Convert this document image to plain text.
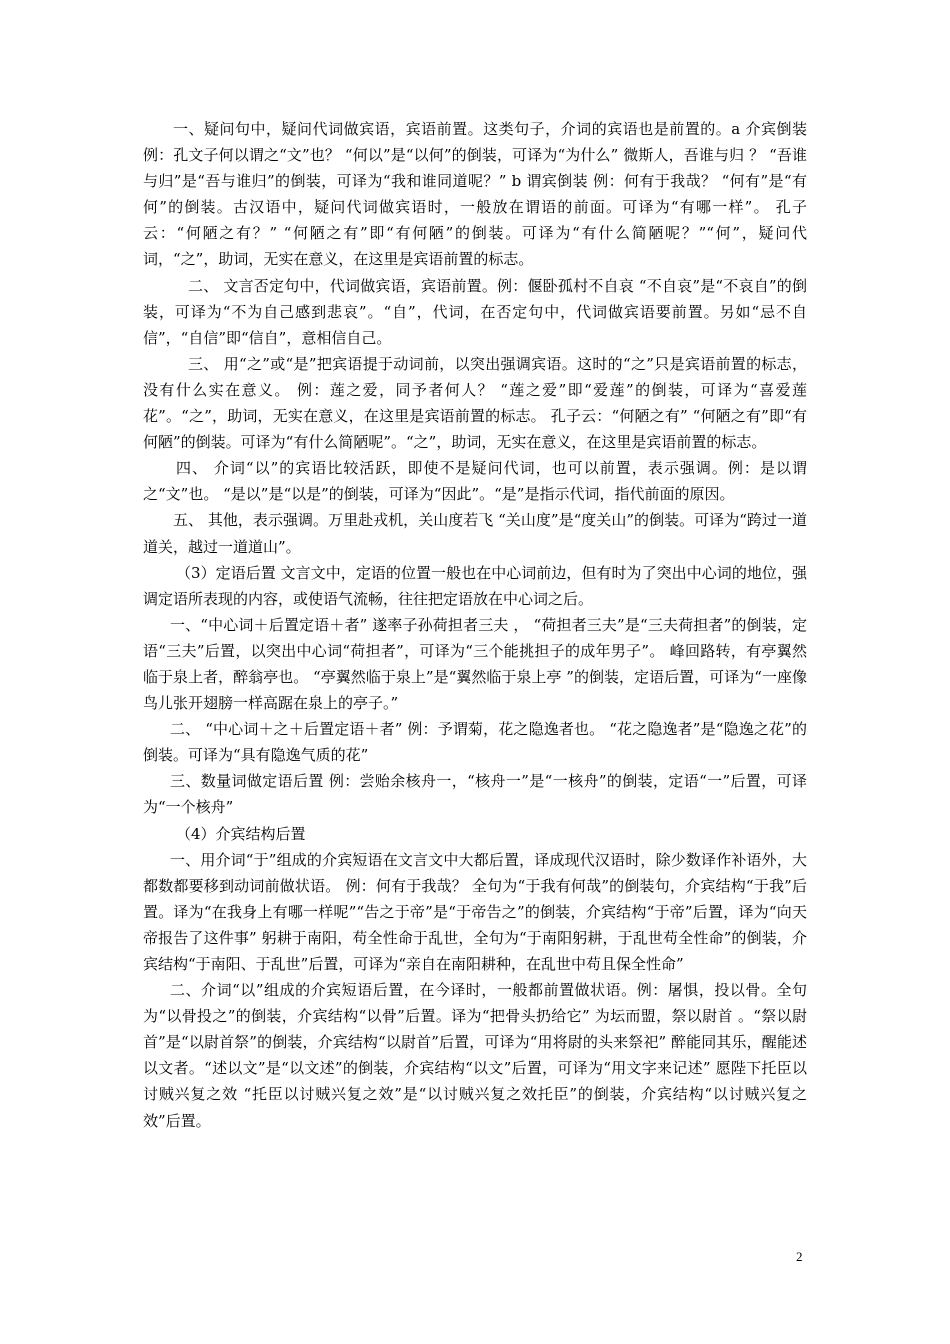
一、疑问句中，疑问代词做宾语，宾语前置。这类句子，介词的宾语也是前置的。a 介宾倒装 例：孔文子何以谓之“文”也？ “何以”是“以何”的倒装，可译为“为什么” 微斯人，吾谁与归 ？ “吾谁与归”是“吾与谁归”的倒装，可译为“我和谁同道呢？” b 谓宾倒装 例：何有于我哉？ “何有”是“有何”的倒装。古汉语中，疑问代词做宾语时，一般放在谓语的前面。可译为“有哪一样”。 孔子云：“何陋之有？” “何陋之有”即“有何陋”的倒装。可译为“有什么简陋呢？”“何”，疑问代词，“之”，助词，无实在意义，在这里是宾语前置的标志。

二、 文言否定句中，代词做宾语，宾语前置。例：偃卧孤村不自哀 “不自哀”是“不哀自”的倒装，可译为“不为自己感到悲哀”。“自”，代词，在否定句中，代词做宾语要前置。另如“忌不自信”，“自信”即“信自”，意相信自己。

三、 用“之”或“是”把宾语提于动词前，以突出强调宾语。这时的“之”只是宾语前置的标志，没有什么实在意义。 例：莲之爱，同予者何人？ “莲之爱”即“爱莲”的倒装，可译为“喜爱莲花”。“之”，助词，无实在意义，在这里是宾语前置的标志。 孔子云：“何陋之有” “何陋之有”即“有何陋”的倒装。可译为“有什么简陋呢”。“之”，助词，无实在意义，在这里是宾语前置的标志。

四、 介词“以”的宾语比较活跃，即使不是疑问代词，也可以前置，表示强调。例：是以谓之“文”也。 “是以”是“以是”的倒装，可译为“因此”。“是”是指示代词，指代前面的原因。

五、 其他，表示强调。万里赴戎机，关山度若飞 “关山度”是“度关山”的倒装。可译为“跨过一道道关，越过一道道山”。

（3）定语后置 文言文中，定语的位置一般也在中心词前边，但有时为了突出中心词的地位，强调定语所表现的内容，或使语气流畅，往往把定语放在中心词之后。

一、“中心词＋后置定语＋者” 遂率子孙荷担者三夫 ， “荷担者三夫”是“三夫荷担者”的倒装，定语“三夫”后置，以突出中心词“荷担者”，可译为“三个能挑担子的成年男子”。 峰回路转，有亭翼然临于泉上者，醉翁亭也。 “亭翼然临于泉上”是“翼然临于泉上亭 ”的倒装，定语后置，可译为“一座像鸟儿张开翅膀一样高踞在泉上的亭子。”

二、 “中心词＋之＋后置定语＋者” 例：予谓菊，花之隐逸者也。 “花之隐逸者”是“隐逸之花”的倒装。可译为“具有隐逸气质的花”

三、数量词做定语后置 例：尝贻余核舟一，“核舟一”是“一核舟”的倒装，定语“一”后置，可译为“一个核舟”

（4）介宾结构后置

一、用介词“于”组成的介宾短语在文言文中大都后置，译成现代汉语时，除少数译作补语外，大都数都要移到动词前做状语。 例：何有于我哉？ 全句为“于我有何哉”的倒装句，介宾结构“于我”后置。译为“在我身上有哪一样呢”“告之于帝”是“于帝告之”的倒装，介宾结构“于帝”后置，译为“向天帝报告了这件事” 躬耕于南阳，苟全性命于乱世，全句为“于南阳躬耕，于乱世苟全性命”的倒装，介宾结构“于南阳、于乱世”后置，可译为“亲自在南阳耕种，在乱世中苟且保全性命”

二、介词“以”组成的介宾短语后置，在今译时，一般都前置做状语。例：屠惧，投以骨。全句为“以骨投之”的倒装，介宾结构“以骨”后置。译为“把骨头扔给它” 为坛而盟，祭以尉首 。“祭以尉首”是“以尉首祭”的倒装，介宾结构“以尉首”后置，可译为“用将尉的头来祭祀” 醉能同其乐，醒能述以文者。“述以文”是“以文述”的倒装，介宾结构“以文”后置，可译为“用文字来记述” 愿陛下托臣以讨贼兴复之效 “托臣以讨贼兴复之效”是“以讨贼兴复之效托臣”的倒装，介宾结构“以讨贼兴复之效”后置。

2
